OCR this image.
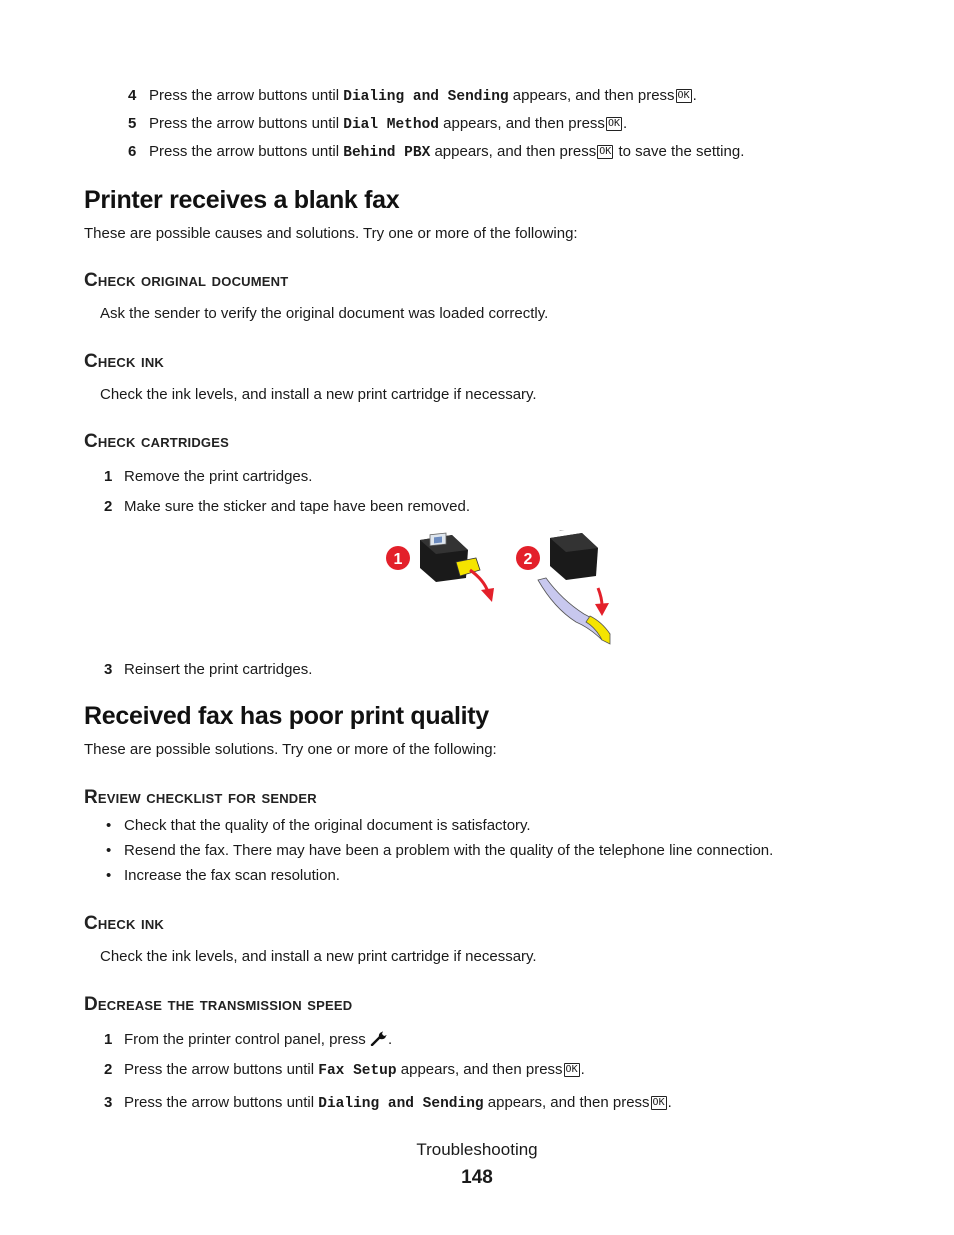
4 Press the arrow buttons until Dialing and Sending appears, and then press OK .
5 Press the arrow buttons until Dial Method appears, and then press OK .
6 Press the arrow buttons until Behind PBX appears, and then press OK to save the setting.
Printer receives a blank fax
These are possible causes and solutions. Try one or more of the following:
Check original document
Ask the sender to verify the original document was loaded correctly.
Check ink
Check the ink levels, and install a new print cartridge if necessary.
Check cartridges
1 Remove the print cartridges.
2 Make sure the sticker and tape have been removed.
1	2
3 Reinsert the print cartridges.
Received fax has poor print quality
These are possible solutions. Try one or more of the following:
Review checklist for sender
• Check that the quality of the original document is satisfactory.
• Resend the fax. There may have been a problem with the quality of the telephone line connection.
• Increase the fax scan resolution.
Check ink
Check the ink levels, and install a new print cartridge if necessary.
Decrease the transmission speed
1 From the printer control panel, press .
2 Press the arrow buttons until Fax Setup appears, and then press OK .
3 Press the arrow buttons until Dialing and Sending appears, and then press OK .
Troubleshooting
148
